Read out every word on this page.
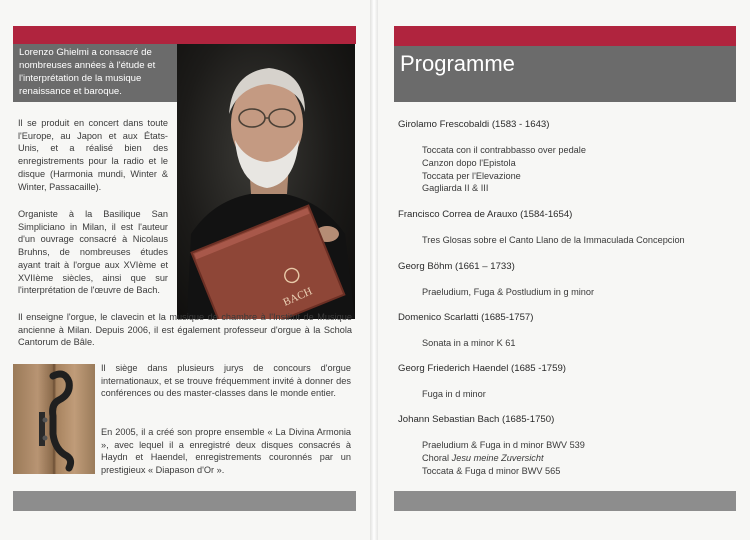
Lorenzo Ghielmi a consacré de nombreuses années à l'étude et l'interprétation de la musique renaissance et baroque.
BACH
Il se produit en concert dans toute l'Europe, au Japon et aux États-Unis, et a réalisé bien des enregistrements pour la radio et le disque (Harmonia mundi, Winter & Winter, Passacaille).
Organiste à la Basilique San Simpliciano in Milan, il est l'auteur d'un ouvrage consacré à Nicolaus Bruhns, de nombreuses études ayant trait à l'orgue aux XVIème et XVIIème siècles, ainsi que sur l'interprétation de l'œuvre de Bach.
Il enseigne l'orgue, le clavecin et la musique de chambre à l'Institut de Musique ancienne à Milan. Depuis 2006, il est également professeur d'orgue à la Schola Cantorum de Bâle.
Il siège dans plusieurs jurys de concours d'orgue internationaux, et se trouve fréquemment invité à donner des conférences ou des master-classes dans le monde entier.
En 2005, il a créé son propre ensemble « La Divina Armonia », avec lequel il a enregistré deux disques consacrés à Haydn et Haendel, enregistrements couronnés par un prestigieux « Diapason d'Or ».
Programme
Girolamo Frescobaldi (1583 - 1643)
Toccata con il contrabbasso over pedale
Canzon dopo l'Epistola
Toccata per l'Elevazione
Gagliarda II & III
Francisco Correa de Arauxo (1584-1654)
Tres Glosas sobre el Canto Llano de la Immaculada Concepcion
Georg Böhm (1661 – 1733)
Praeludium, Fuga & Postludium in g minor
Domenico Scarlatti (1685-1757)
Sonata in a minor K 61
Georg Friederich Haendel (1685 -1759)
Fuga in d minor
Johann Sebastian Bach (1685-1750)
Praeludium & Fuga in d minor BWV 539
Choral Jesu meine Zuversicht
Toccata & Fuga d minor BWV 565
